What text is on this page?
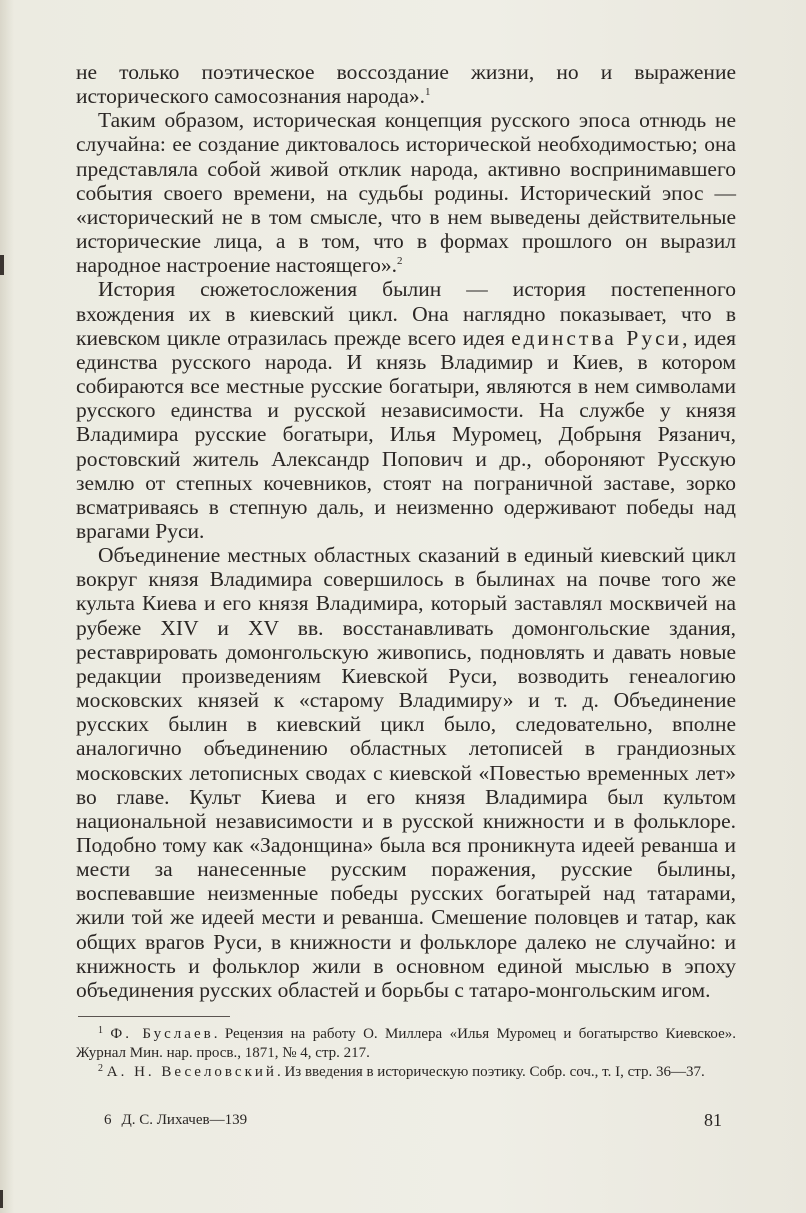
не только поэтическое воссоздание жизни, но и выражение исторического самосознания народа».$^1$

Таким образом, историческая концепция русского эпоса отнюдь не случайна: ее создание диктовалось исторической необходимостью; она представляла собой живой отклик народа, активно воспринимавшего события своего времени, на судьбы родины. Исторический эпос — «исторический не в том смысле, что в нем выведены действительные исторические лица, а в том, что в формах прошлого он выразил народное настроение настоящего».$^2$

История сюжетосложения былин — история постепенного вхождения их в киевский цикл. Она наглядно показывает, что в киевском цикле отразилась прежде всего идея единства Руси, идея единства русского народа. И князь Владимир и Киев, в котором собираются все местные русские богатыри, являются в нем символами русского единства и русской независимости. На службе у князя Владимира русские богатыри, Илья Муромец, Добрыня Рязанич, ростовский житель Александр Попович и др., обороняют Русскую землю от степных кочевников, стоят на пограничной заставе, зорко всматриваясь в степную даль, и неизменно одерживают победы над врагами Руси.

Объединение местных областных сказаний в единый киевский цикл вокруг князя Владимира совершилось в былинах на почве того же культа Киева и его князя Владимира, который заставлял москвичей на рубеже XIV и XV вв. восстанавливать домонгольские здания, реставрировать домонгольскую живопись, подновлять и давать новые редакции произведениям Киевской Руси, возводить генеалогию московских князей к «старому Владимиру» и т. д. Объединение русских былин в киевский цикл было, следовательно, вполне аналогично объединению областных летописей в грандиозных московских летописных сводах с киевской «Повестью временных лет» во главе. Культ Киева и его князя Владимира был культом национальной независимости и в русской книжности и в фольклоре. Подобно тому как «Задонщина» была вся проникнута идеей реванша и мести за нанесенные русским поражения, русские былины, воспевавшие неизменные победы русских богатырей над татарами, жили той же идеей мести и реванша. Смешение половцев и татар, как общих врагов Руси, в книжности и фольклоре далеко не случайно: и книжность и фольклор жили в основном единой мыслью в эпоху объединения русских областей и борьбы с татаро-монгольским игом.

$^1$ Ф. Буслаев. Рецензия на работу О. Миллера «Илья Муромец и богатырство Киевское». Журнал Мин. нар. просв., 1871, № 4, стр. 217.

$^2$ А. Н. Веселовский. Из введения в историческую поэтику. Собр. соч., т. I, стр. 36—37.

6 Д. С. Лихачев—139	81
